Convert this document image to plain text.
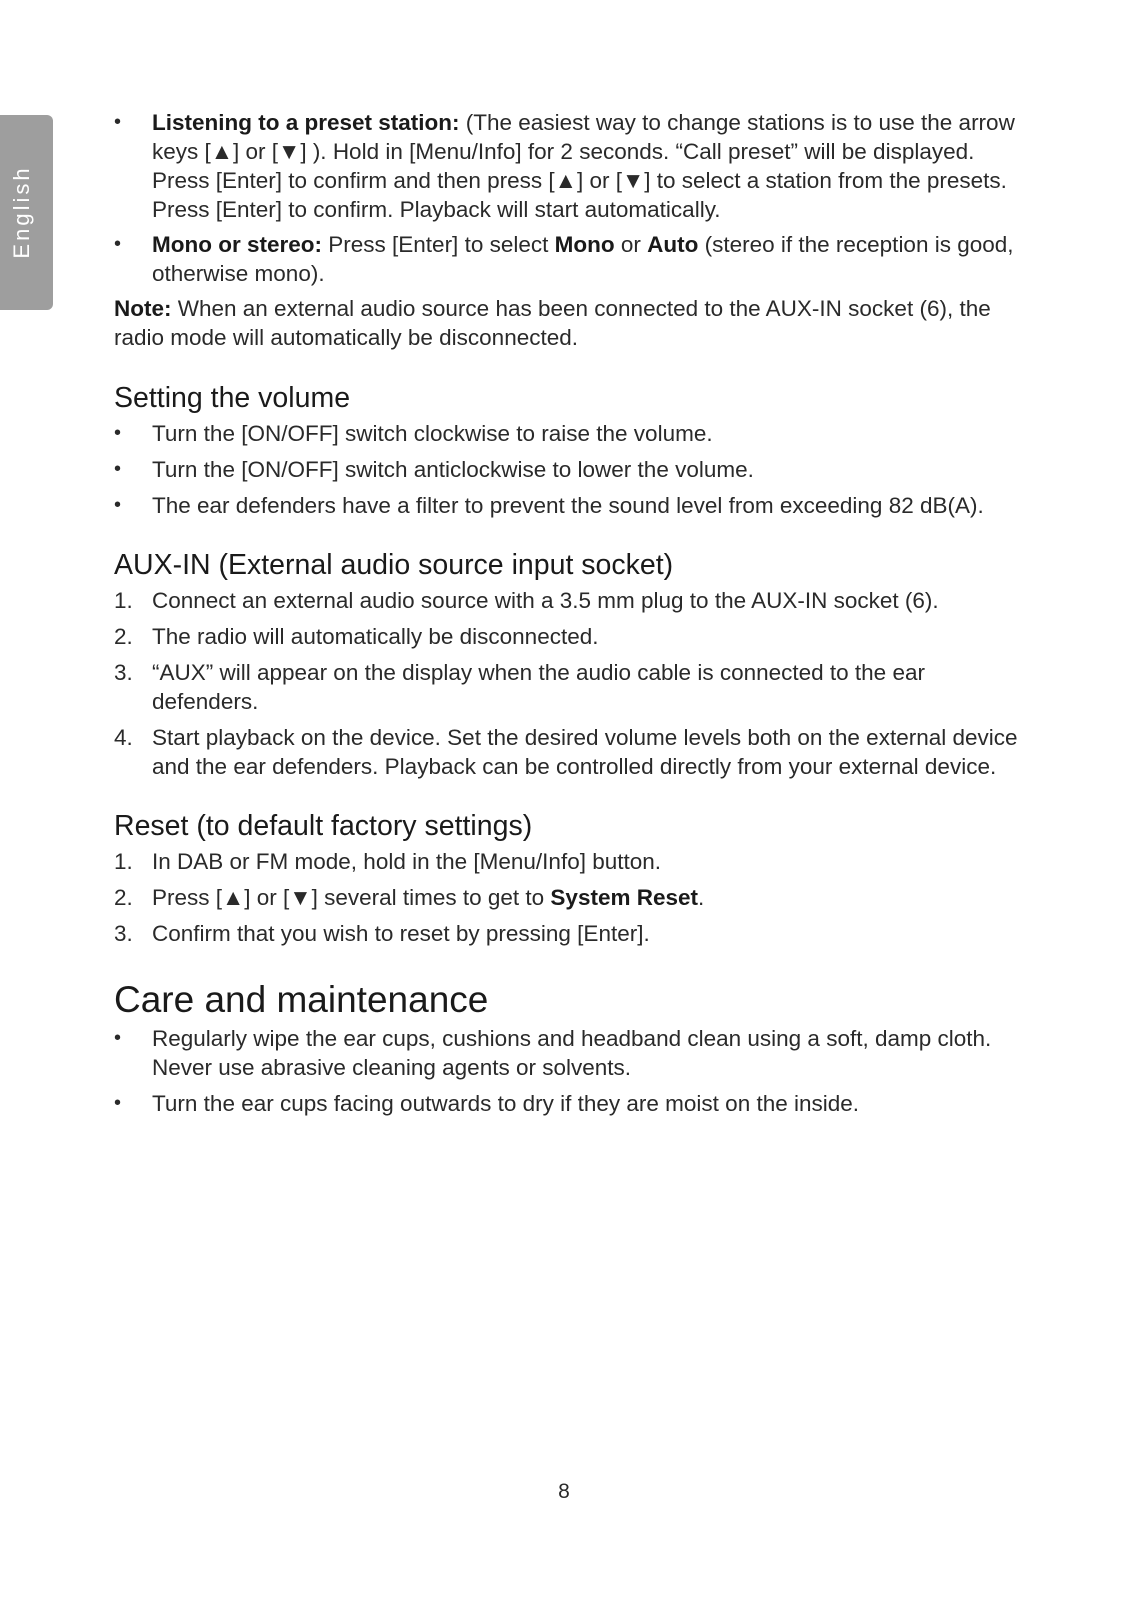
English
•	Listening to a preset station: (The easiest way to change stations is to use the arrow keys [▲] or [▼] ). Hold in [Menu/Info] for 2 seconds. “Call preset” will be displayed. Press [Enter] to confirm and then press [▲] or [▼] to select a station from the presets. Press [Enter] to confirm. Playback will start automatically.
•	Mono or stereo: Press [Enter] to select Mono or Auto (stereo if the reception is good, otherwise mono).

Note: When an external audio source has been connected to the AUX-IN socket (6), the radio mode will automatically be disconnected.

Setting the volume
•	Turn the [ON/OFF] switch clockwise to raise the volume.
•	Turn the [ON/OFF] switch anticlockwise to lower the volume.
•	The ear defenders have a filter to prevent the sound level from exceeding 82 dB(A).
AUX-IN (External audio source input socket)
1. Connect an external audio source with a 3.5 mm plug to the AUX-IN socket (6).
2. The radio will automatically be disconnected.
3. “AUX” will appear on the display when the audio cable is connected to the ear defenders.
4. Start playback on the device. Set the desired volume levels both on the external device and the ear defenders. Playback can be controlled directly from your external device.
Reset (to default factory settings)
1. In DAB or FM mode, hold in the [Menu/Info] button.
2. Press [▲] or [▼] several times to get to System Reset.
3. Confirm that you wish to reset by pressing [Enter].
Care and maintenance
•	Regularly wipe the ear cups, cushions and headband clean using a soft, damp cloth. Never use abrasive cleaning agents or solvents.
•	Turn the ear cups facing outwards to dry if they are moist on the inside.
8
